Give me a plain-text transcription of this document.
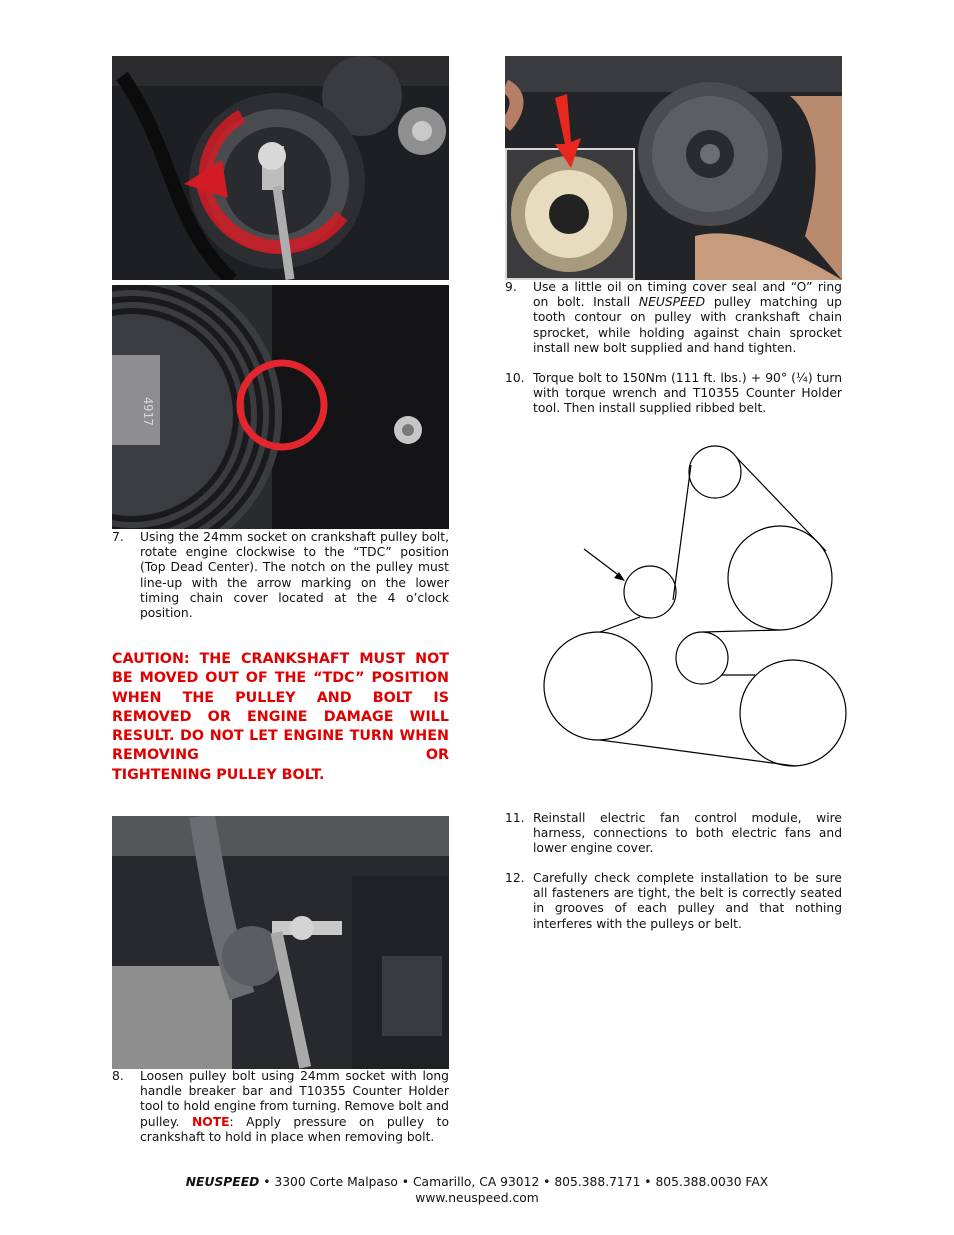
4917
7. Using the 24mm socket on crankshaft pulley bolt, rotate engine clockwise to the “TDC” position (Top Dead Center). The notch on the pulley must line-up with the arrow marking on the lower timing chain cover located at the 4 o’clock position.
CAUTION: THE CRANKSHAFT MUST NOT BE MOVED OUT OF THE “TDC” POSITION WHEN THE PULLEY AND BOLT IS REMOVED OR ENGINE DAMAGE WILL RESULT. DO NOT LET ENGINE TURN WHEN REMOVING OR
TIGHTENING PULLEY BOLT.
8. Loosen pulley bolt using 24mm socket with long handle breaker bar and T10355 Counter Holder tool to hold engine from turning. Remove bolt and pulley. NOTE: Apply pressure on pulley to crankshaft to hold in place when removing bolt.
9. Use a little oil on timing cover seal and “O” ring on bolt. Install NEUSPEED pulley matching up tooth contour on pulley with crankshaft chain sprocket, while holding against chain sprocket install new bolt supplied and hand tighten.
10. Torque bolt to 150Nm (111 ft. lbs.) + 90° (¼) turn with torque wrench and T10355 Counter Holder tool. Then install supplied ribbed belt.
11. Reinstall electric fan control module, wire harness, connections to both electric fans and lower engine cover.
12. Carefully check complete installation to be sure all fasteners are tight, the belt is correctly seated in grooves of each pulley and that nothing interferes with the pulleys or belt.
NEUSPEED • 3300 Corte Malpaso • Camarillo, CA 93012 • 805.388.7171 • 805.388.0030 FAX
www.neuspeed.com
